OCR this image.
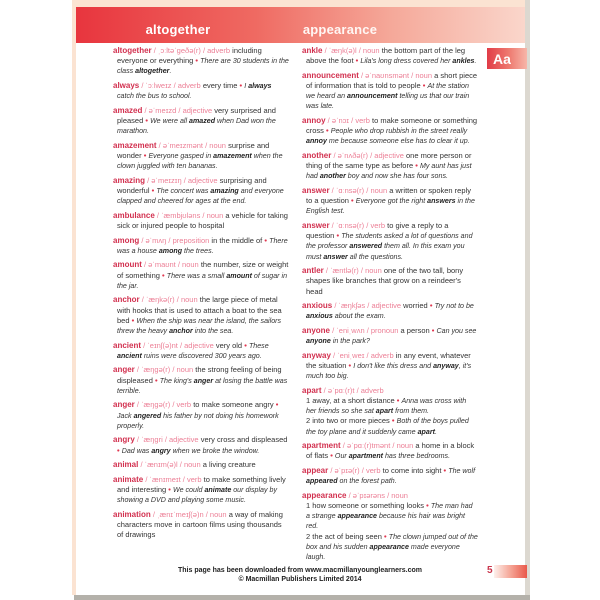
altogether	appearance
Aa
altogether / ˌɔːltəˈɡeðə(r) / adverb including everyone or everything • There are 30 students in the class altogether.
always / ˈɔːlweɪz / adverb every time • I always catch the bus to school.
amazed / əˈmeɪzd / adjective very surprised and pleased • We were all amazed when Dad won the marathon.
amazement / əˈmeɪzmənt / noun surprise and wonder • Everyone gasped in amazement when the clown juggled with ten bananas.
amazing / əˈmeɪzɪŋ / adjective surprising and wonderful • The concert was amazing and everyone clapped and cheered for ages at the end.
ambulance / ˈæmbjʊləns / noun a vehicle for taking sick or injured people to hospital
among / əˈmʌŋ / preposition in the middle of • There was a house among the trees.
amount / əˈmaʊnt / noun the number, size or weight of something • There was a small amount of sugar in the jar.
anchor / ˈæŋkə(r) / noun the large piece of metal with hooks that is used to attach a boat to the sea bed • When the ship was near the island, the sailors threw the heavy anchor into the sea.
ancient / ˈeɪnʃ(ə)nt / adjective very old • These ancient ruins were discovered 300 years ago.
anger / ˈæŋɡə(r) / noun the strong feeling of being displeased • The king's anger at losing the battle was terrible.
anger / ˈæŋɡə(r) / verb to make someone angry • Jack angered his father by not doing his homework properly.
angry / ˈæŋɡri / adjective very cross and displeased • Dad was angry when we broke the window.
animal / ˈænɪm(ə)l / noun a living creature
animate / ˈænɪmeɪt / verb to make something lively and interesting • We could animate our display by showing a DVD and playing some music.
animation / ˌænɪˈmeɪʃ(ə)n / noun a way of making characters move in cartoon films using thousands of drawings
ankle / ˈæŋk(ə)l / noun the bottom part of the leg above the foot • Lila's long dress covered her ankles.
announcement / əˈnaʊnsmənt / noun a short piece of information that is told to people • At the station we heard an announcement telling us that our train was late.
annoy / əˈnɔɪ / verb to make someone or something cross • People who drop rubbish in the street really annoy me because someone else has to clear it up.
another / əˈnʌðə(r) / adjective one more person or thing of the same type as before • My aunt has just had another boy and now she has four sons.
answer / ˈɑːnsə(r) / noun a written or spoken reply to a question • Everyone got the right answers in the English test.
answer / ˈɑːnsə(r) / verb to give a reply to a question • The students asked a lot of questions and the professor answered them all. In this exam you must answer all the questions.
antler / ˈæntlə(r) / noun one of the two tall, bony shapes like branches that grow on a reindeer's head
anxious / ˈæŋkʃəs / adjective worried • Try not to be anxious about the exam.
anyone / ˈeniˌwʌn / pronoun a person • Can you see anyone in the park?
anyway / ˈeniˌweɪ / adverb in any event, whatever the situation • I don't like this dress and anyway, it's much too big.
apart / əˈpɑː(r)t / adverb
1 away, at a short distance • Anna was cross with her friends so she sat apart from them.
2 into two or more pieces • Both of the boys pulled the toy plane and it suddenly came apart.
apartment / əˈpɑː(r)tmənt / noun a home in a block of flats • Our apartment has three bedrooms.
appear / əˈpɪə(r) / verb to come into sight • The wolf appeared on the forest path.
appearance / əˈpɪərəns / noun
1 how someone or something looks • The man had a strange appearance because his hair was bright red.
2 the act of being seen • The clown jumped out of the box and his sudden appearance made everyone laugh.
This page has been downloaded from www.macmillanyounglearners.com
© Macmillan Publishers Limited 2014
5
